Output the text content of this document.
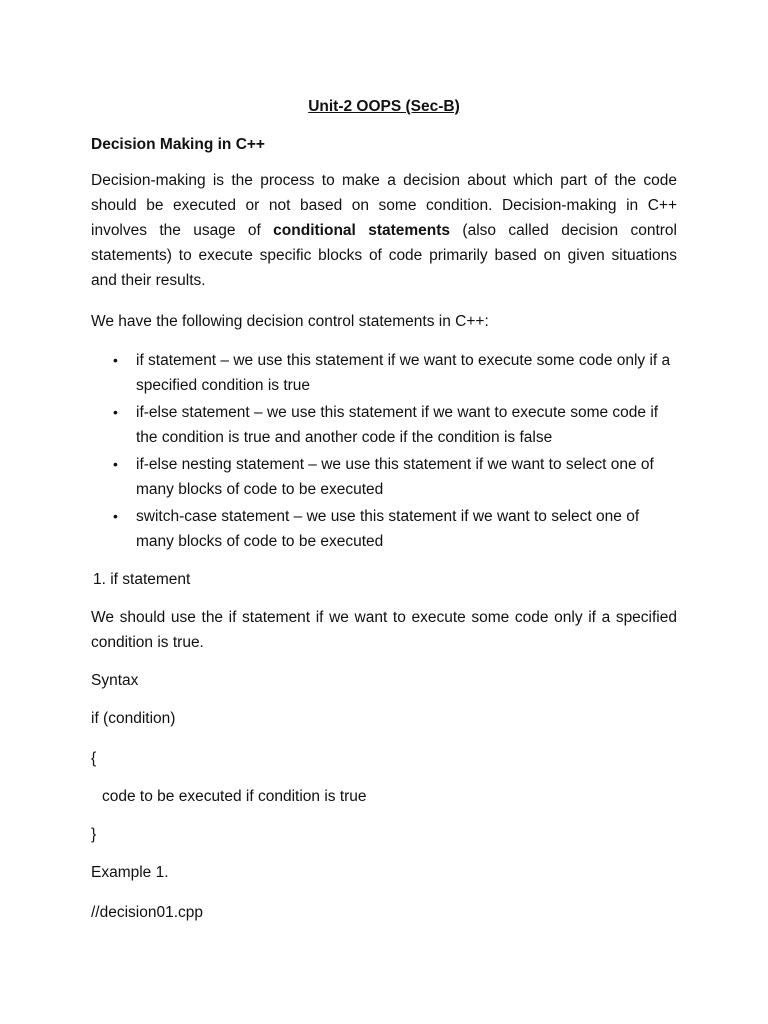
Unit-2 OOPS (Sec-B)
Decision Making in C++
Decision-making is the process to make a decision about which part of the code should be executed or not based on some condition. Decision-making in C++ involves the usage of conditional statements (also called decision control statements) to execute specific blocks of code primarily based on given situations and their results.
We have the following decision control statements in C++:
• if statement – we use this statement if we want to execute some code only if a specified condition is true
• if-else statement – we use this statement if we want to execute some code if the condition is true and another code if the condition is false
• if-else nesting statement – we use this statement if we want to select one of many blocks of code to be executed
• switch-case statement – we use this statement if we want to select one of many blocks of code to be executed
1. if statement
We should use the if statement if we want to execute some code only if a specified condition is true.
Syntax
if (condition)
{
code to be executed if condition is true
}
Example 1.
//decision01.cpp
